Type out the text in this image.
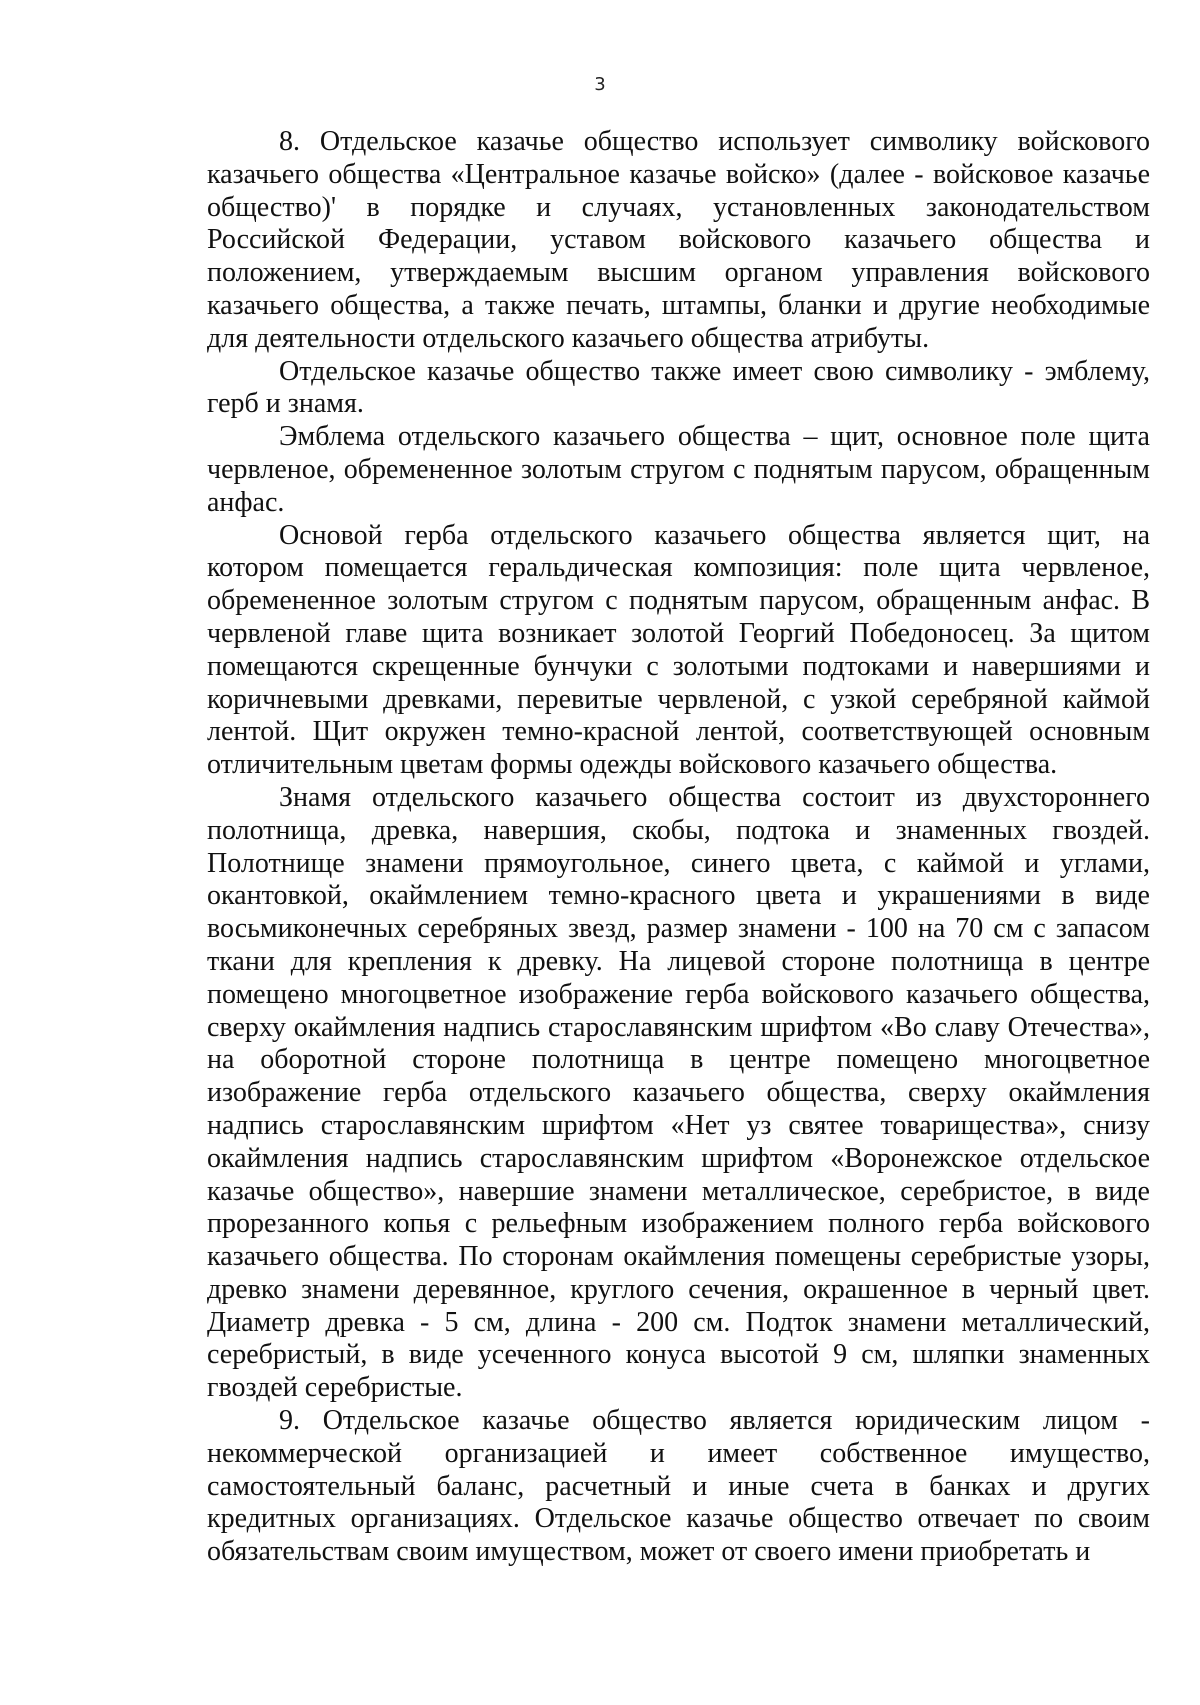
3

8. Отдельское казачье общество использует символику войскового казачьего общества «Центральное казачье войско» (далее - войсковое казачье общество)' в порядке и случаях, установленных законодательством Российской Федерации, уставом войскового казачьего общества и положением, утверждаемым высшим органом управления войскового казачьего общества, а также печать, штампы, бланки и другие необходимые для деятельности отдельского казачьего общества атрибуты.

Отдельское казачье общество также имеет свою символику - эмблему, герб и знамя.

Эмблема отдельского казачьего общества – щит, основное поле щита червленое, обремененное золотым стругом с поднятым парусом, обращенным анфас.

Основой герба отдельского казачьего общества является щит, на котором помещается геральдическая композиция: поле щита червленое, обремененное золотым стругом с поднятым парусом, обращенным анфас. В червленой главе щита возникает золотой Георгий Победоносец. За щитом помещаются скрещенные бунчуки с золотыми подтоками и навершиями и коричневыми древками, перевитые червленой, с узкой серебряной каймой лентой. Щит окружен темно-красной лентой, соответствующей основным отличительным цветам формы одежды войскового казачьего общества.

Знамя отдельского казачьего общества состоит из двухстороннего полотнища, древка, навершия, скобы, подтока и знаменных гвоздей. Полотнище знамени прямоугольное, синего цвета, с каймой и углами, окантовкой, окаймлением темно-красного цвета и украшениями в виде восьмиконечных серебряных звезд, размер знамени - 100 на 70 см с запасом ткани для крепления к древку. На лицевой стороне полотнища в центре помещено многоцветное изображение герба войскового казачьего общества, сверху окаймления надпись старославянским шрифтом «Во славу Отечества», на оборотной стороне полотнища в центре помещено многоцветное изображение герба отдельского казачьего общества, сверху окаймления надпись старославянским шрифтом «Нет уз святее товарищества», снизу окаймления надпись старославянским шрифтом «Воронежское отдельское казачье общество», навершие знамени металлическое, серебристое, в виде прорезанного копья с рельефным изображением полного герба войскового казачьего общества. По сторонам окаймления помещены серебристые узоры, древко знамени деревянное, круглого сечения, окрашенное в черный цвет. Диаметр древка - 5 см, длина - 200 см. Подток знамени металлический, серебристый, в виде усеченного конуса высотой 9 см, шляпки знаменных гвоздей серебристые.

9. Отдельское казачье общество является юридическим лицом - некоммерческой организацией и имеет собственное имущество, самостоятельный баланс, расчетный и иные счета в банках и других кредитных организациях. Отдельское казачье общество отвечает по своим обязательствам своим имуществом, может от своего имени приобретать и
